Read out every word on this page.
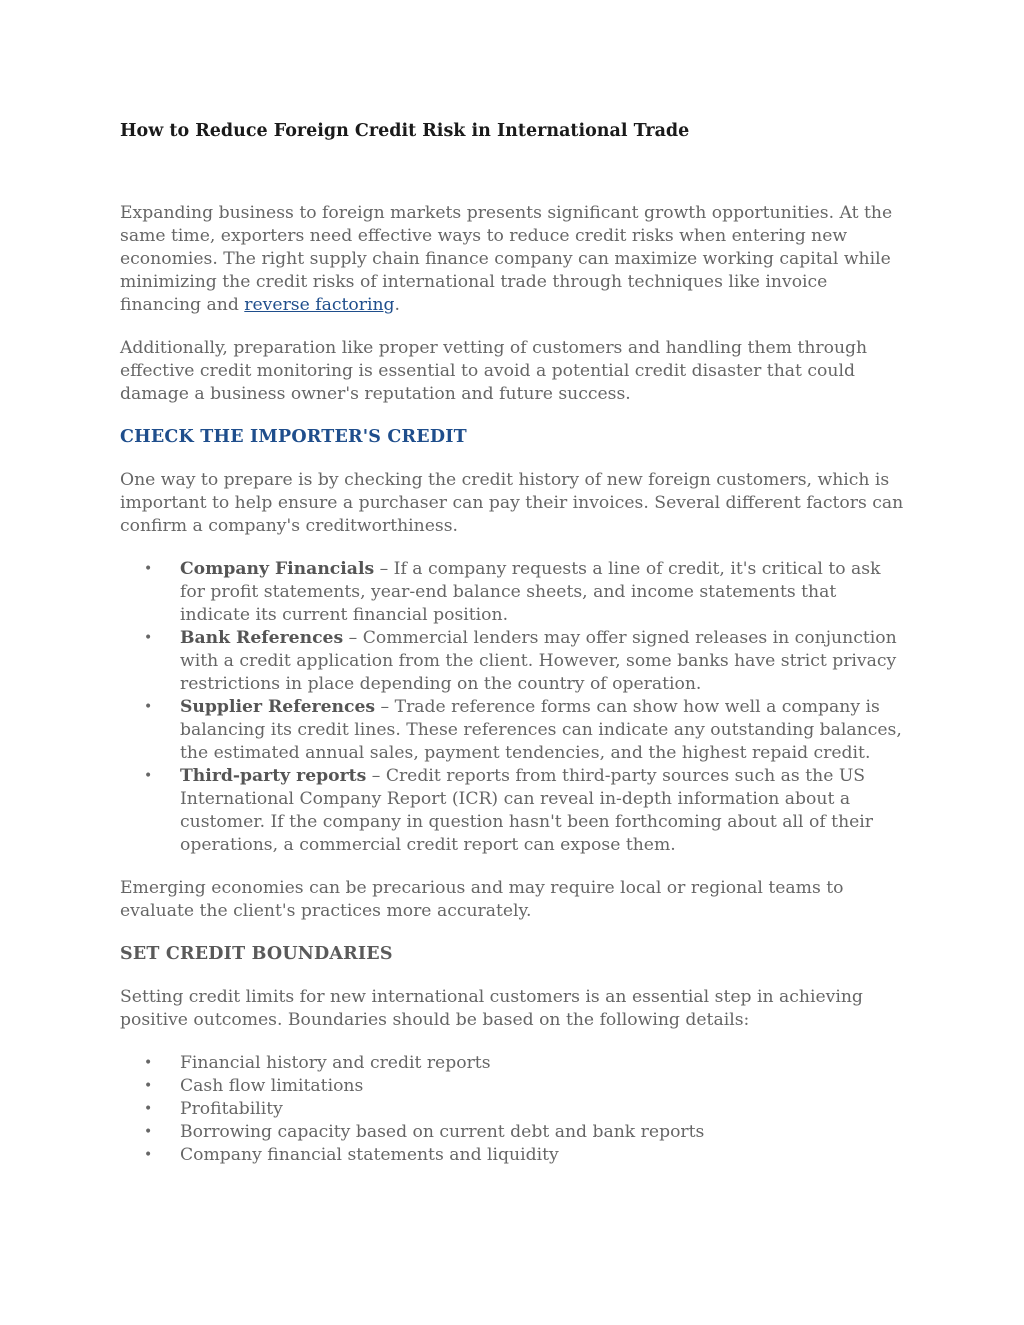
How to Reduce Foreign Credit Risk in International Trade

Expanding business to foreign markets presents significant growth opportunities. At the same time, exporters need effective ways to reduce credit risks when entering new economies. The right supply chain finance company can maximize working capital while minimizing the credit risks of international trade through techniques like invoice financing and reverse factoring.

Additionally, preparation like proper vetting of customers and handling them through effective credit monitoring is essential to avoid a potential credit disaster that could damage a business owner's reputation and future success.

CHECK THE IMPORTER'S CREDIT

One way to prepare is by checking the credit history of new foreign customers, which is important to help ensure a purchaser can pay their invoices. Several different factors can confirm a company's creditworthiness.

• Company Financials – If a company requests a line of credit, it's critical to ask for profit statements, year-end balance sheets, and income statements that indicate its current financial position.
• Bank References – Commercial lenders may offer signed releases in conjunction with a credit application from the client. However, some banks have strict privacy restrictions in place depending on the country of operation.
• Supplier References – Trade reference forms can show how well a company is balancing its credit lines. These references can indicate any outstanding balances, the estimated annual sales, payment tendencies, and the highest repaid credit.
• Third-party reports – Credit reports from third-party sources such as the US International Company Report (ICR) can reveal in-depth information about a customer. If the company in question hasn't been forthcoming about all of their operations, a commercial credit report can expose them.

Emerging economies can be precarious and may require local or regional teams to evaluate the client's practices more accurately.

SET CREDIT BOUNDARIES

Setting credit limits for new international customers is an essential step in achieving positive outcomes. Boundaries should be based on the following details:

• Financial history and credit reports
• Cash flow limitations
• Profitability
• Borrowing capacity based on current debt and bank reports
• Company financial statements and liquidity
